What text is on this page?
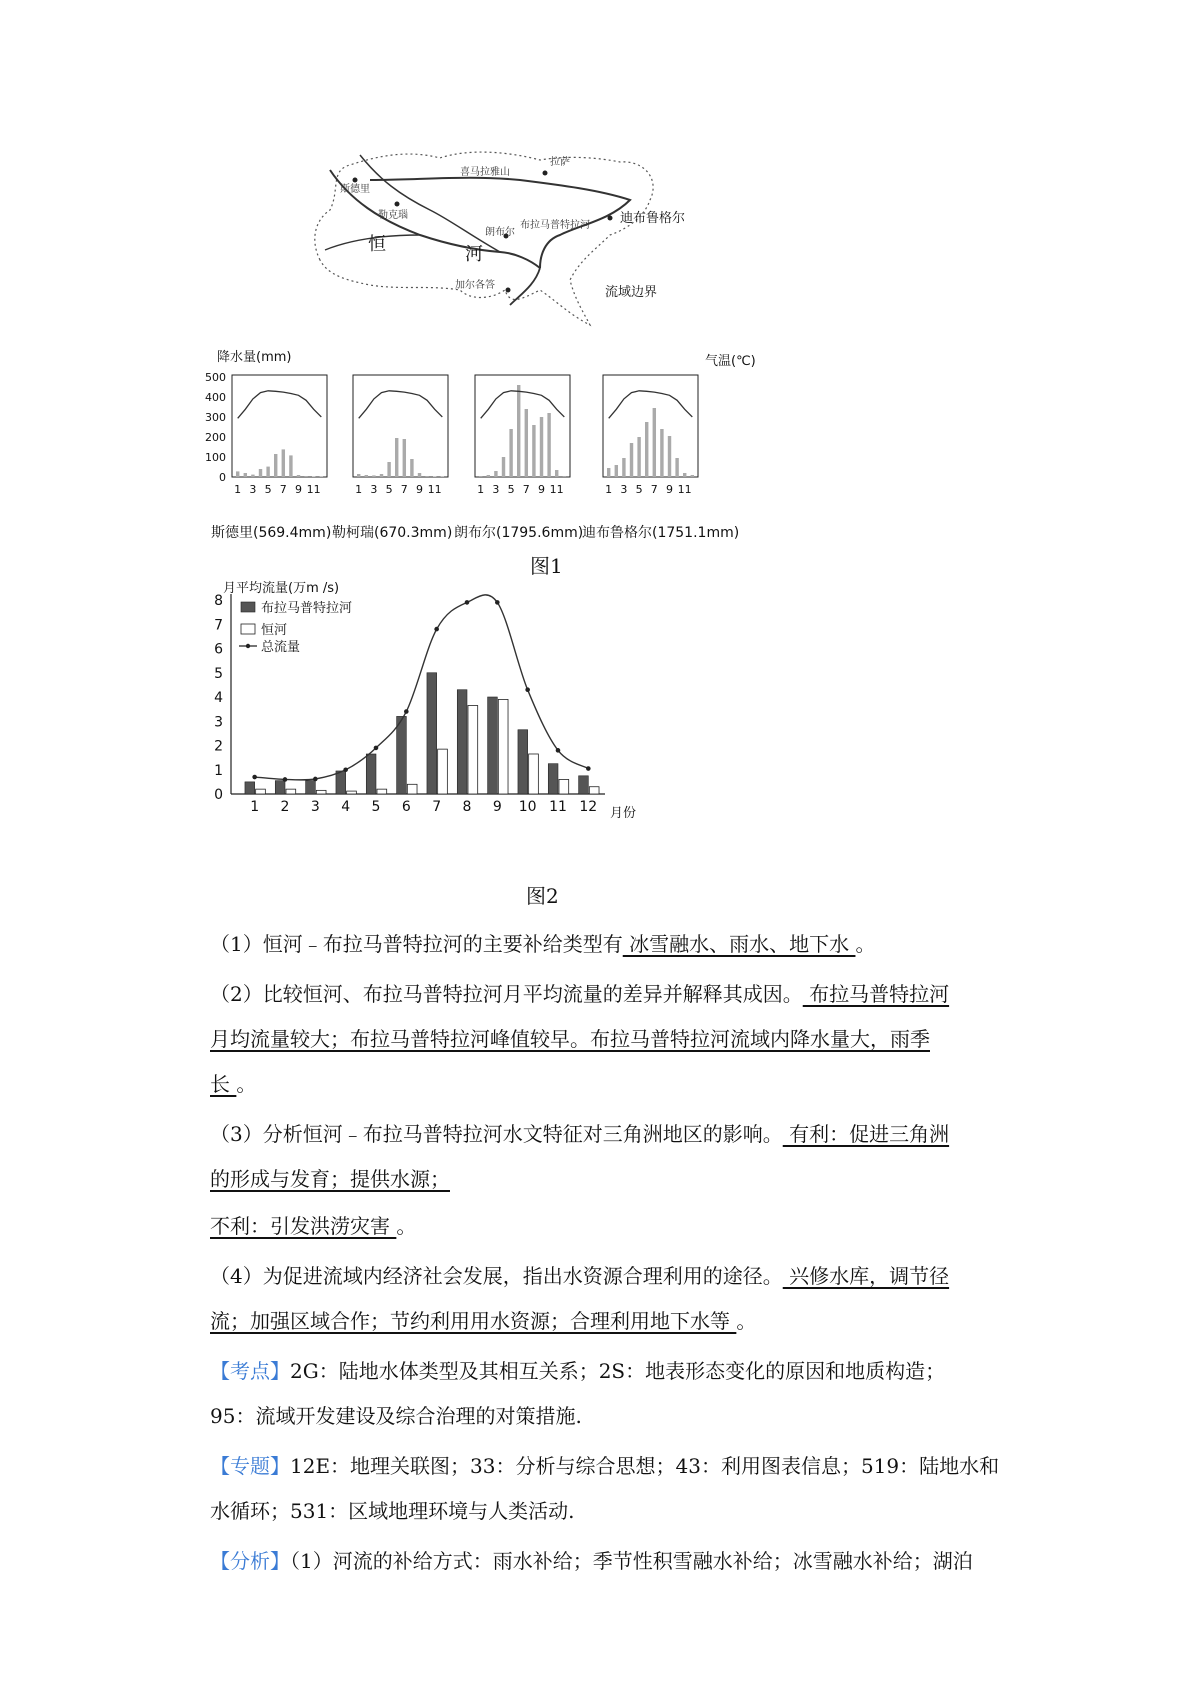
喜马拉雅山
拉萨
斯德里
勒克瑙
布拉马普特拉河 迪布鲁格尔
恒	河
朗布尔
加尔各答	流域边界
降水量(mm)	气温(℃)
500
400
300
200
100
0
1 3 5 7 9 11	1 3 5 7 9 11	1 3 5 7 9 11	1 3 5 7 9 11
斯德里(569.4mm) 勒柯瑞(670.3mm) 朗布尔(1795.6mm)
迪布鲁格尔(1751.1mm)
图1
月平均流量(万m /s)
月份
0
1
2
3
4
5
6
7
8
1 2 3 4 5 6 7 8 9 10 11 12
布拉马普特拉河
恒河
总流量
图2
（1）恒河﹣布拉马普特拉河的主要补给类型有 冰雪融水、雨水、地下水 。
（2）比较恒河、布拉马普特拉河月平均流量的差异并解释其成因。 布拉马普特拉河
月均流量较大；布拉马普特拉河峰值较早。布拉马普特拉河流域内降水量大，雨季
长 。
（3）分析恒河﹣布拉马普特拉河水文特征对三角洲地区的影响。 有利：促进三角洲
的形成与发育；提供水源；
不利：引发洪涝灾害 。
（4）为促进流域内经济社会发展，指出水资源合理利用的途径。 兴修水库，调节径
流；加强区域合作；节约利用用水资源；合理利用地下水等 。
【考点】2G：陆地水体类型及其相互关系；2S：地表形态变化的原因和地质构造；
95：流域开发建设及综合治理的对策措施.
【专题】12E：地理关联图；33：分析与综合思想；43：利用图表信息；519：陆地水和
水循环；531：区域地理环境与人类活动.
【分析】（1）河流的补给方式：雨水补给；季节性积雪融水补给；冰雪融水补给；湖泊
